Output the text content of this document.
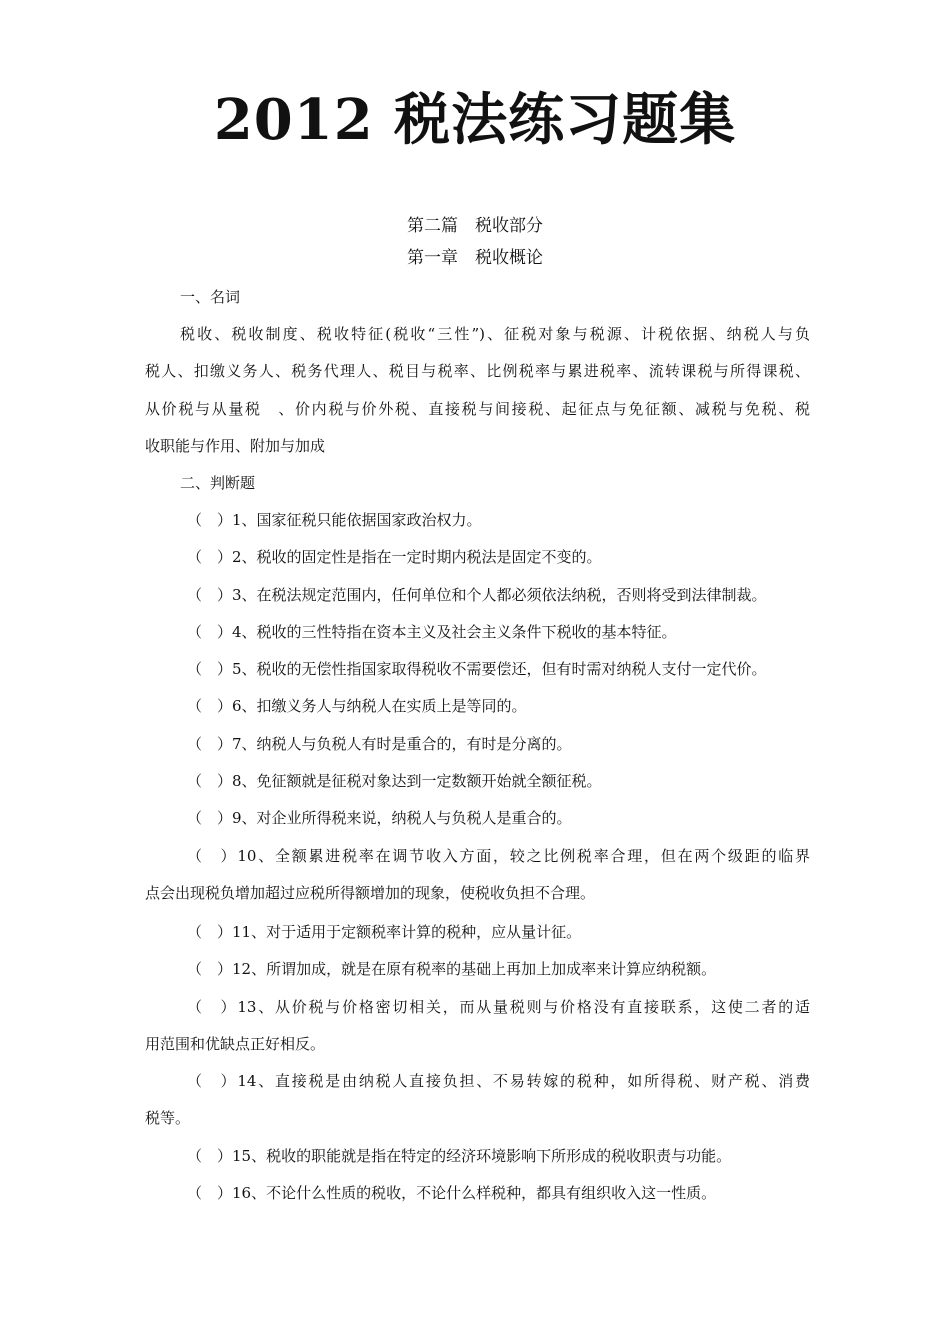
2012 税法练习题集
第二篇　税收部分
第一章　税收概论
一、名词
税收、税收制度、税收特征(税收“三性”)、征税对象与税源、计税依据、纳税人与负
税人、扣缴义务人、税务代理人、税目与税率、比例税率与累进税率、流转课税与所得课税、
从价税与从量税　、价内税与价外税、直接税与间接税、起征点与免征额、减税与免税、税
收职能与作用、附加与加成
二、判断题
（　）1、国家征税只能依据国家政治权力。
（　）2、税收的固定性是指在一定时期内税法是固定不变的。
（　）3、在税法规定范围内，任何单位和个人都必须依法纳税，否则将受到法律制裁。
（　）4、税收的三性特指在资本主义及社会主义条件下税收的基本特征。
（　）5、税收的无偿性指国家取得税收不需要偿还，但有时需对纳税人支付一定代价。
（　）6、扣缴义务人与纳税人在实质上是等同的。
（　）7、纳税人与负税人有时是重合的，有时是分离的。
（　）8、免征额就是征税对象达到一定数额开始就全额征税。
（　）9、对企业所得税来说，纳税人与负税人是重合的。
（　）10、全额累进税率在调节收入方面，较之比例税率合理，但在两个级距的临界
点会出现税负增加超过应税所得额增加的现象，使税收负担不合理。
（　）11、对于适用于定额税率计算的税种，应从量计征。
（　）12、所谓加成，就是在原有税率的基础上再加上加成率来计算应纳税额。
（　）13、从价税与价格密切相关，而从量税则与价格没有直接联系，这使二者的适
用范围和优缺点正好相反。
（　）14、直接税是由纳税人直接负担、不易转嫁的税种，如所得税、财产税、消费
税等。
（　）15、税收的职能就是指在特定的经济环境影响下所形成的税收职责与功能。
（　）16、不论什么性质的税收，不论什么样税种，都具有组织收入这一性质。
